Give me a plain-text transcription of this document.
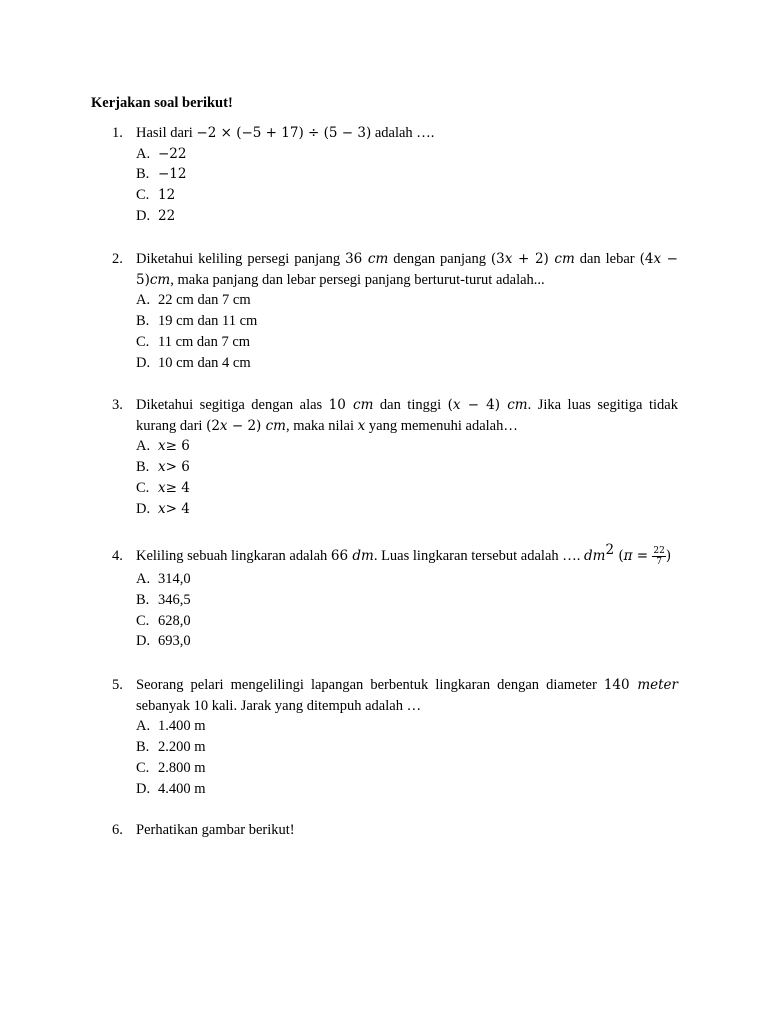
Kerjakan soal berikut!
1. Hasil dari −2 × (−5 + 17) ÷ (5 − 3) adalah ….
A. −22
B. −12
C. 12
D. 22
2. Diketahui keliling persegi panjang 36 cm dengan panjang (3x + 2) cm dan lebar (4x − 5)cm, maka panjang dan lebar persegi panjang berturut-turut adalah...
A. 22 cm dan 7 cm
B. 19 cm dan 11 cm
C. 11 cm dan 7 cm
D. 10 cm dan 4 cm
3. Diketahui segitiga dengan alas 10 cm dan tinggi (x − 4) cm. Jika luas segitiga tidak kurang dari (2x − 2) cm, maka nilai x yang memenuhi adalah…
A. x ≥ 6
B. x > 6
C. x ≥ 4
D. x > 4
4. Keliling sebuah lingkaran adalah 66 dm. Luas lingkaran tersebut adalah …. $dm^2$ ($\pi = \frac{22}{7}$ )
A. 314,0
B. 346,5
C. 628,0
D. 693,0
5. Seorang pelari mengelilingi lapangan berbentuk lingkaran dengan diameter 140 meter sebanyak 10 kali. Jarak yang ditempuh adalah …
A. 1.400 m
B. 2.200 m
C. 2.800 m
D. 4.400 m
6. Perhatikan gambar berikut!
